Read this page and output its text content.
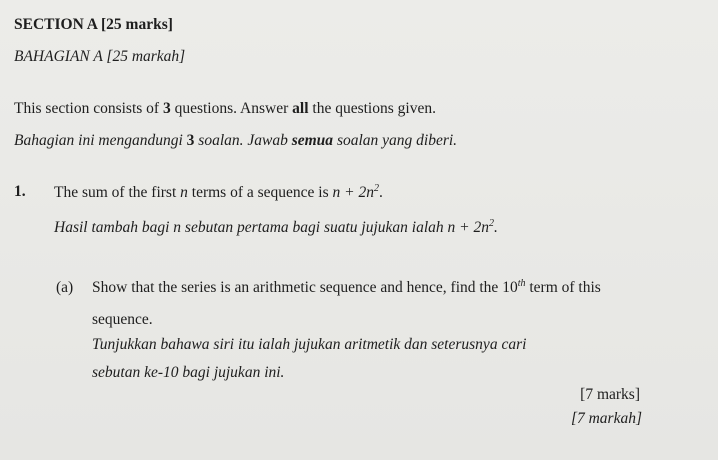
SECTION A [25 marks]
BAHAGIAN A [25 markah]
This section consists of 3 questions. Answer all the questions given.
Bahagian ini mengandungi 3 soalan. Jawab semua soalan yang diberi.
1. The sum of the first n terms of a sequence is $n + 2n^2$.
Hasil tambah bagi n sebutan pertama bagi suatu jujukan ialah $n + 2n^2$.
(a) Show that the series is an arithmetic sequence and hence, find the 10th term of this
sequence.
Tunjukkan bahawa siri itu ialah jujukan aritmetik dan seterusnya cari
sebutan ke-10 bagi jujukan ini.
[7 marks]
[7 markah]
